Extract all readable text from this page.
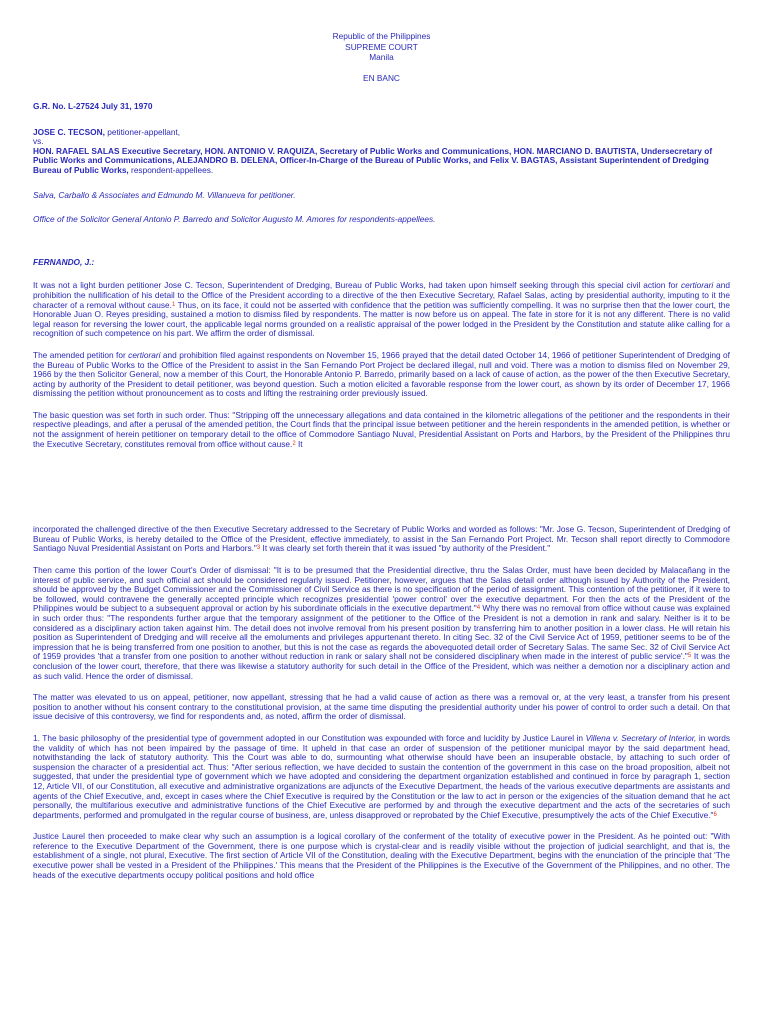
Republic of the Philippines
SUPREME COURT
Manila
EN BANC
G.R. No. L-27524 July 31, 1970
JOSE C. TECSON, petitioner-appellant,
vs.
HON. RAFAEL SALAS Executive Secretary, HON. ANTONIO V. RAQUIZA, Secretary of Public Works and Communications, HON. MARCIANO D. BAUTISTA, Undersecretary of Public Works and Communications, ALEJANDRO B. DELENA, Officer-In-Charge of the Bureau of Public Works, and Felix V. BAGTAS, Assistant Superintendent of Dredging Bureau of Public Works, respondent-appellees.
Salva, Carballo & Associates and Edmundo M. Villanueva for petitioner.
Office of the Solicitor General Antonio P. Barredo and Solicitor Augusto M. Amores for respondents-appellees.
FERNANDO, J.:

It was not a light burden petitioner Jose C. Tecson, Superintendent of Dredging, Bureau of Public Works, had taken upon himself seeking through this special civil action for certiorari and prohibition the nullification of his detail to the Office of the President according to a directive of the then Executive Secretary, Rafael Salas, acting by presidential authority, imputing to it the character of a removal without cause.$^1$ Thus, on its face, it could not be asserted with confidence that the petition was sufficiently compelling. It was no surprise then that the lower court, the Honorable Juan O. Reyes presiding, sustained a motion to dismiss filed by respondents. The matter is now before us on appeal. The fate in store for it is not any different. There is no valid legal reason for reversing the lower court, the applicable legal norms grounded on a realistic appraisal of the power lodged in the President by the Constitution and statute alike calling for a recognition of such competence on his part. We affirm the order of dismissal.

The amended petition for certiorari and prohibition filed against respondents on November 15, 1966 prayed that the detail dated October 14, 1966 of petitioner Superintendent of Dredging of the Bureau of Public Works to the Office of the President to assist in the San Fernando Port Project be declared illegal, null and void. There was a motion to dismiss filed on November 29, 1966 by the then Solicitor General, now a member of this Court, the Honorable Antonio P. Barredo, primarily based on a lack of cause of action, as the power of the then Executive Secretary, acting by authority of the President to detail petitioner, was beyond question. Such a motion elicited a favorable response from the lower court, as shown by its order of December 17, 1966 dismissing the petition without pronouncement as to costs and lifting the restraining order previously issued.

The basic question was set forth in such order. Thus: "Stripping off the unnecessary allegations and data contained in the kilometric allegations of the petitioner and the respondents in their respective pleadings, and after a perusal of the amended petition, the Court finds that the principal issue between petitioner and the herein respondents in the amended petition, is whether or not the assignment of herein petitioner on temporary detail to the office of Commodore Santiago Nuval, Presidential Assistant on Ports and Harbors, by the President of the Philippines thru the Executive Secretary, constitutes removal from office without cause.$^2$ It

incorporated the challenged directive of the then Executive Secretary addressed to the Secretary of Public Works and worded as follows: "Mr. Jose G. Tecson, Superintendent of Dredging of Bureau of Public Works, is hereby detailed to the Office of the President, effective immediately, to assist in the San Fernando Port Project. Mr. Tecson shall report directly to Commodore Santiago Nuval Presidential Assistant on Ports and Harbors."$^3$ It was clearly set forth therein that it was issued "by authority of the President."

Then came this portion of the lower Court's Order of dismissal: "It is to be presumed that the Presidential directive, thru the Salas Order, must have been decided by Malacañang in the interest of public service, and such official act should be considered regularly issued. Petitioner, however, argues that the Salas detail order although issued by Authority of the President, should be approved by the Budget Commissioner and the Commissioner of Civil Service as there is no specification of the period of assignment. This contention of the petitioner, if it were to be followed, would contravene the generally accepted principle which recognizes presidential 'power control' over the executive department. For then the acts of the President of the Philippines would be subject to a subsequent approval or action by his subordinate officials in the executive department."$^4$ Why there was no removal from office without cause was explained in such order thus: "The respondents further argue that the temporary assignment of the petitioner to the Office of the President is not a demotion in rank and salary. Neither is it to be considered as a disciplinary action taken against him. The detail does not involve removal from his present position by transferring him to another position in a lower class. He will retain his position as Superintendent of Dredging and will receive all the emoluments and privileges appurtenant thereto. In citing Sec. 32 of the Civil Service Act of 1959, petitioner seems to be of the impression that he is being transferred from one position to another, but this is not the case as regards the abovequoted detail order of Secretary Salas. The same Sec. 32 of Civil Service Act of 1959 provides 'that a transfer from one position to another without reduction in rank or salary shall not be considered disciplinary when made in the interest of public service'."$^5$ It was the conclusion of the lower court, therefore, that there was likewise a statutory authority for such detail in the Office of the President, which was neither a demotion nor a disciplinary action and as such valid. Hence the order of dismissal.

The matter was elevated to us on appeal, petitioner, now appellant, stressing that he had a valid cause of action as there was a removal or, at the very least, a transfer from his present position to another without his consent contrary to the constitutional provision, at the same time disputing the presidential authority under his power of control to order such a detail. On that issue decisive of this controversy, we find for respondents and, as noted, affirm the order of dismissal.

1. The basic philosophy of the presidential type of government adopted in our Constitution was expounded with force and lucidity by Justice Laurel in Villena v. Secretary of Interior, in words the validity of which has not been impaired by the passage of time. It upheld in that case an order of suspension of the petitioner municipal mayor by the said department head, notwithstanding the lack of statutory authority. This the Court was able to do, surmounting what otherwise should have been an insuperable obstacle, by attaching to such order of suspension the character of a presidential act. Thus: "After serious reflection, we have decided to sustain the contention of the government in this case on the broad proposition, albeit not suggested, that under the presidential type of government which we have adopted and considering the department organization established and continued in force by paragraph 1, section 12, Article VII, of our Constitution, all executive and administrative organizations are adjuncts of the Executive Department, the heads of the various executive departments are assistants and agents of the Chief Executive, and, except in cases where the Chief Executive is required by the Constitution or the law to act in person or the exigencies of the situation demand that he act personally, the multifarious executive and administrative functions of the Chief Executive are performed by and through the executive department and the acts of the secretaries of such departments, performed and promulgated in the regular course of business, are, unless disapproved or reprobated by the Chief Executive, presumptively the acts of the Chief Executive."$^6$

Justice Laurel then proceeded to make clear why such an assumption is a logical corollary of the conferment of the totality of executive power in the President. As he pointed out: "With reference to the Executive Department of the Government, there is one purpose which is crystal-clear and is readily visible without the projection of judicial searchlight, and that is, the establishment of a single, not plural, Executive. The first section of Article VII of the Constitution, dealing with the Executive Department, begins with the enunciation of the principle that 'The executive power shall be vested in a President of the Philippines.' This means that the President of the Philippines is the Executive of the Government of the Philippines, and no other. The heads of the executive departments occupy political positions and hold office
